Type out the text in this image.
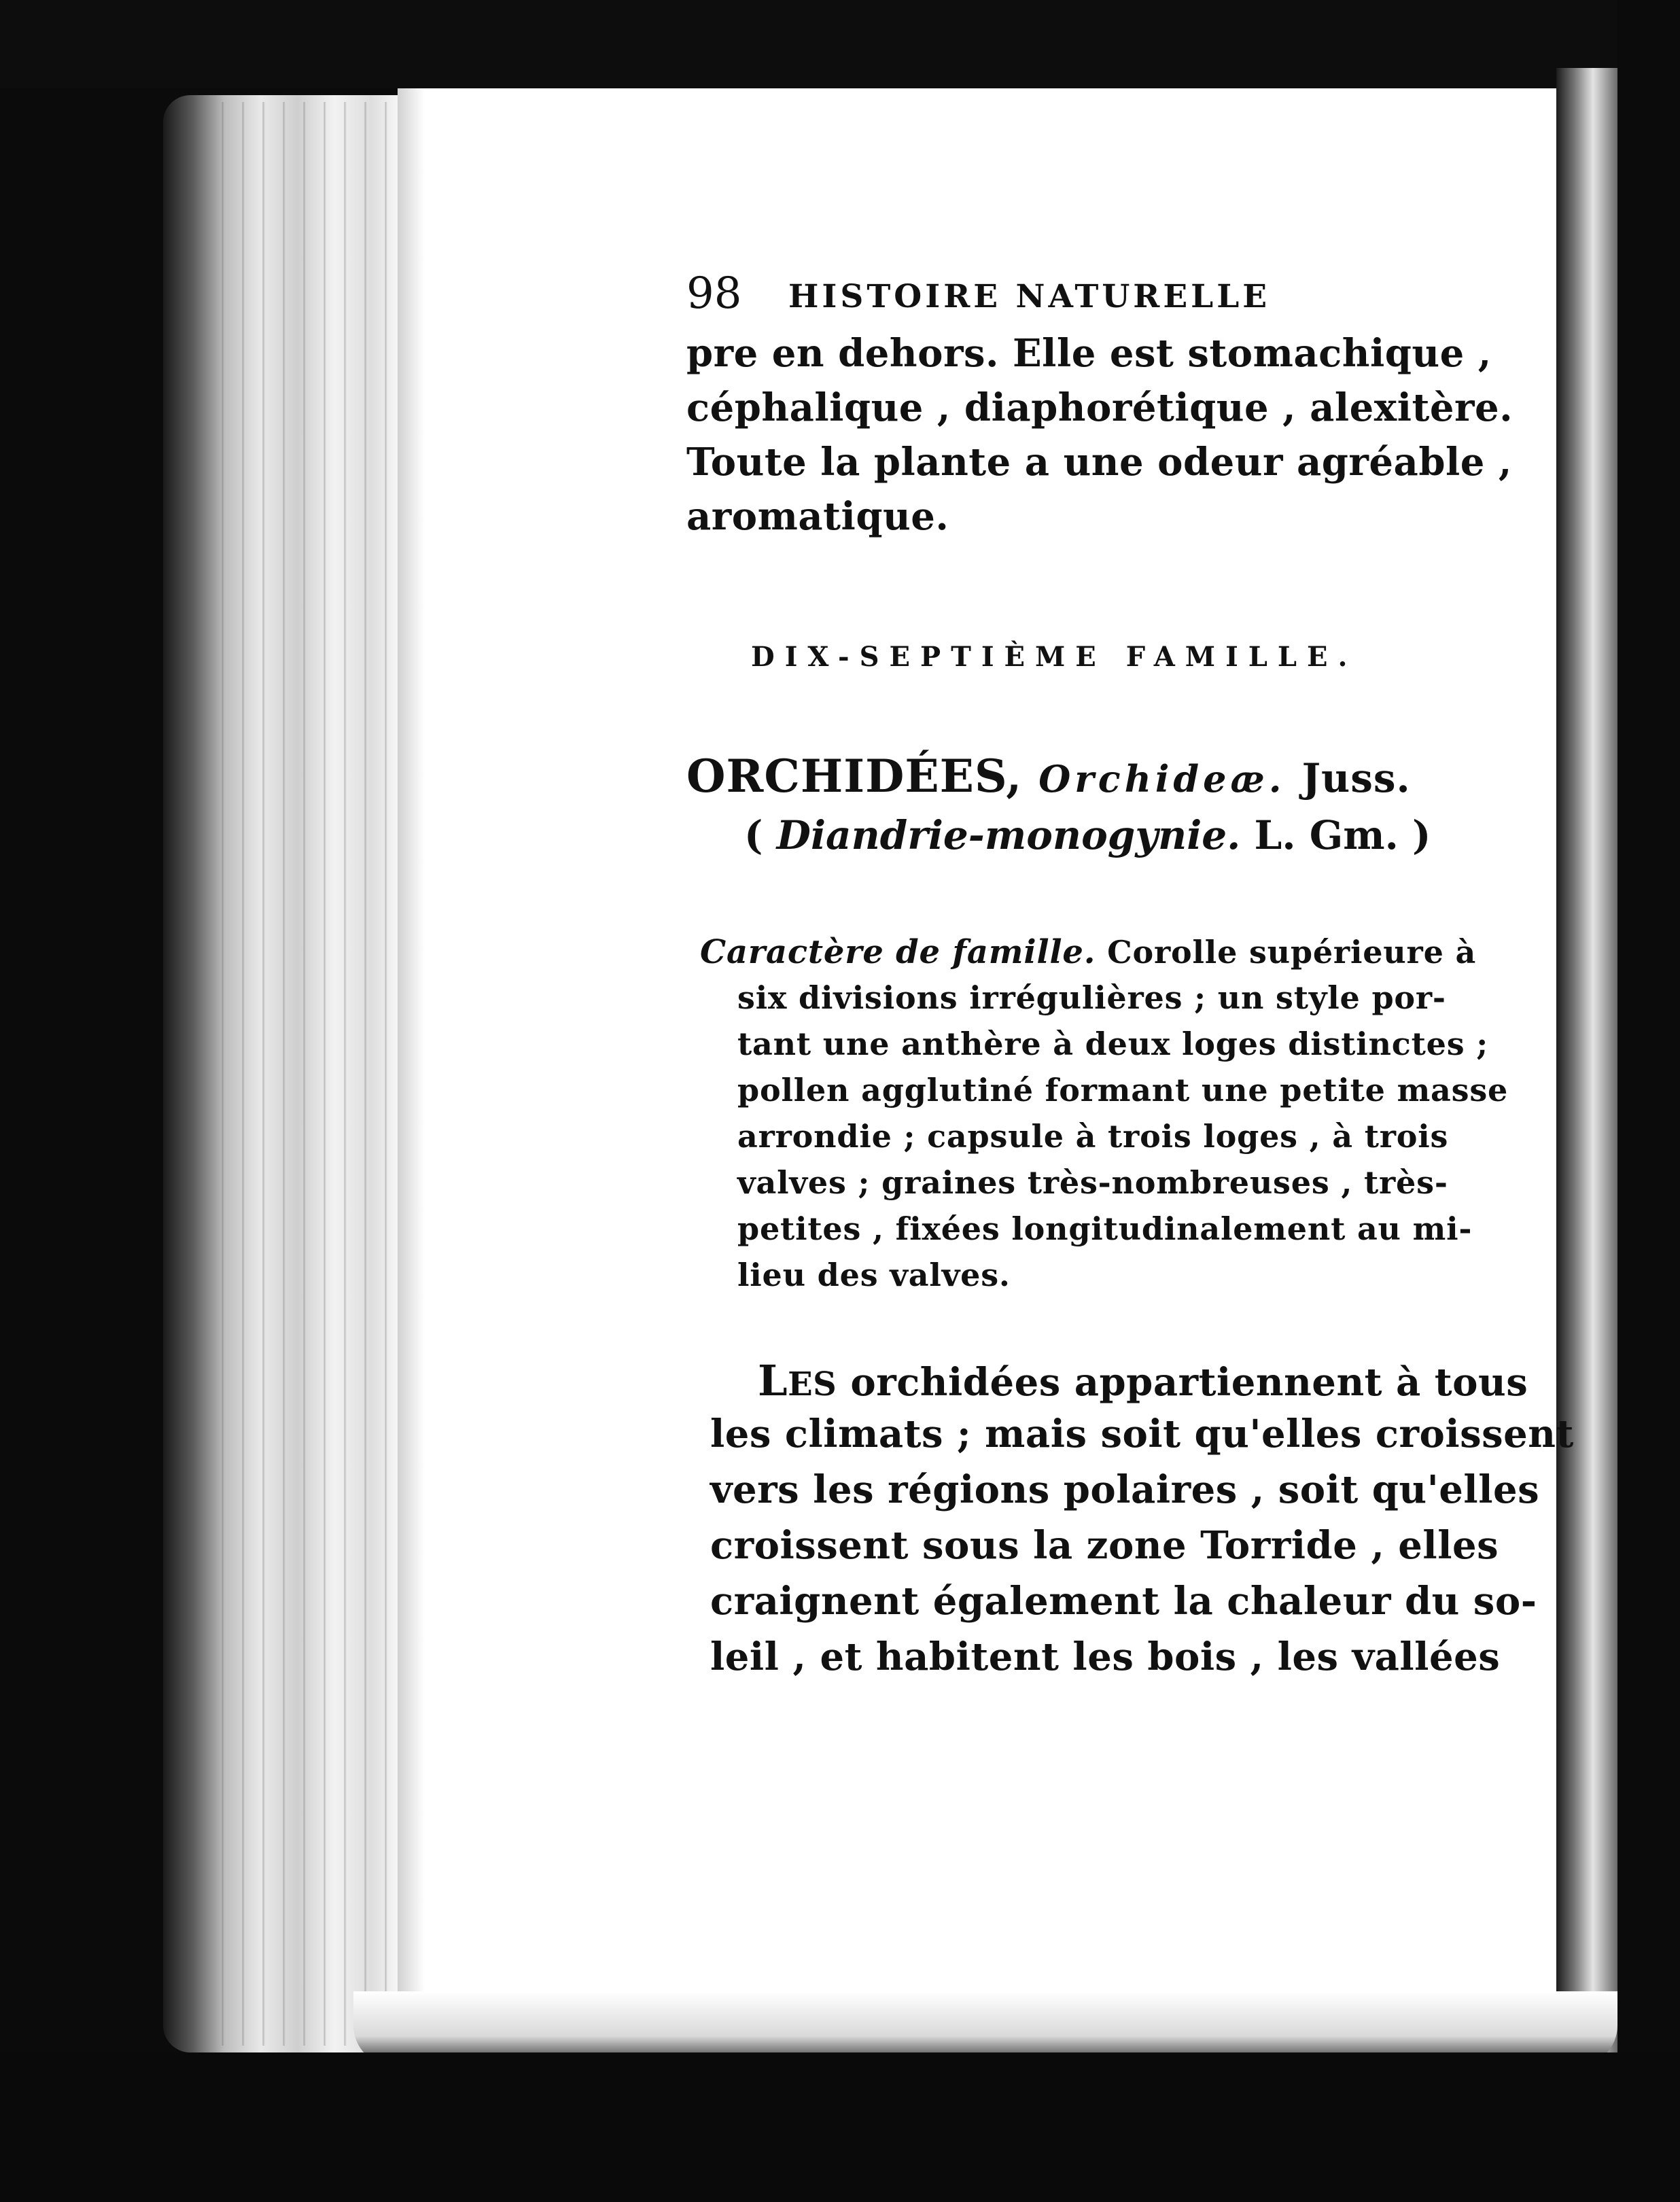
98 HISTOIRE NATURELLE
pre en dehors. Elle est stomachique ,
céphalique , diaphorétique , alexitère.
Toute la plante a une odeur agréable ,
aromatique.
DIX-SEPTIÈME FAMILLE.
ORCHIDÉES, Orchideæ. Juss.
( Diandrie-monogynie. L. Gm. )
Caractère de famille. Corolle supérieure à
six divisions irrégulières ; un style por-
tant une anthère à deux loges distinctes ;
pollen agglutiné formant une petite masse
arrondie ; capsule à trois loges , à trois
valves ; graines très-nombreuses , très-
petites , fixées longitudinalement au mi-
lieu des valves.
LES orchidées appartiennent à tous
les climats ; mais soit qu'elles croissent
vers les régions polaires , soit qu'elles
croissent sous la zone Torride , elles
craignent également la chaleur du so-
leil , et habitent les bois , les vallées
